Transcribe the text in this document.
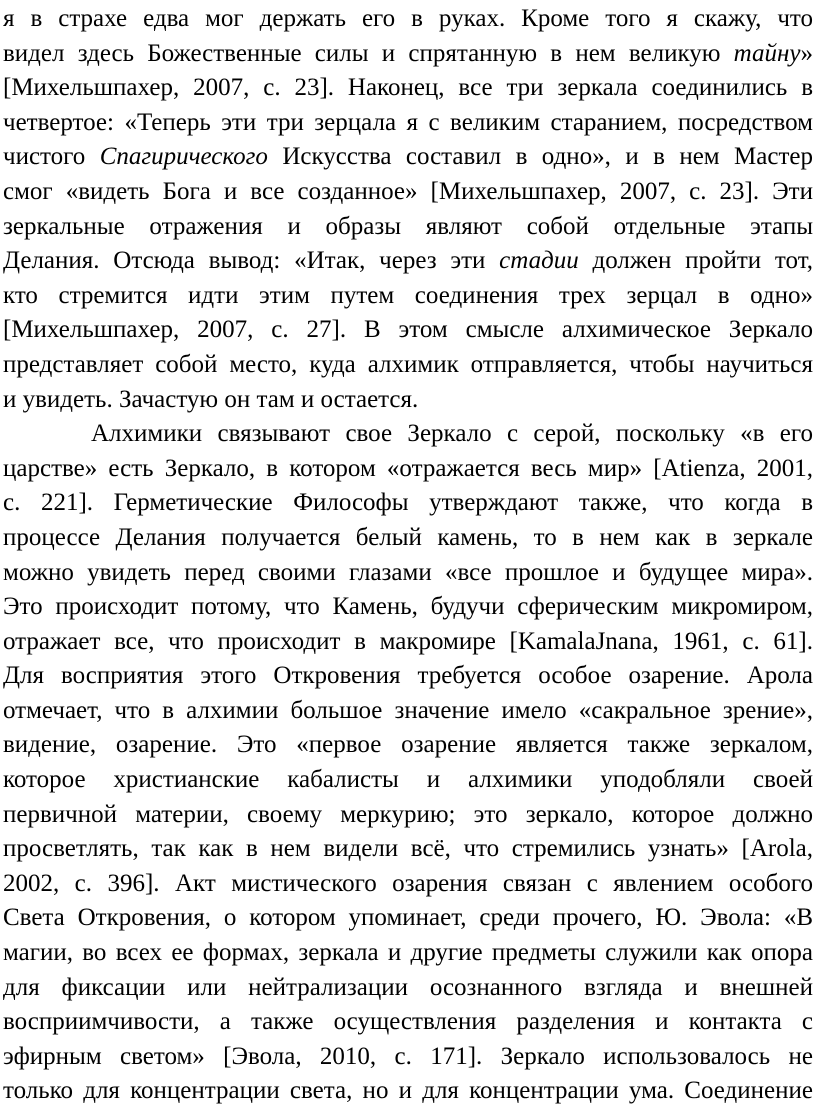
я в страхе едва мог держать его в руках. Кроме того я скажу, что
видел здесь Божественные силы и спрятанную в нем великую тайну»
[Михельшпахер, 2007, с. 23]. Наконец, все три зеркала соединились в
четвертое: «Теперь эти три зерцала я с великим старанием, посредством
чистого Спагирического Искусства составил в одно», и в нем Мастер
смог «видеть Бога и все созданное» [Михельшпахер, 2007, с. 23]. Эти
зеркальные отражения и образы являют собой отдельные этапы
Делания. Отсюда вывод: «Итак, через эти стадии должен пройти тот,
кто стремится идти этим путем соединения трех зерцал в одно»
[Михельшпахер, 2007, с. 27]. В этом смысле алхимическое Зеркало
представляет собой место, куда алхимик отправляется, чтобы научиться
и увидеть. Зачастую он там и остается.
Алхимики связывают свое Зеркало с серой, поскольку «в его
царстве» есть Зеркало, в котором «отражается весь мир» [Atienza, 2001,
с. 221]. Герметические Философы утверждают также, что когда в
процессе Делания получается белый камень, то в нем как в зеркале
можно увидеть перед своими глазами «все прошлое и будущее мира».
Это происходит потому, что Камень, будучи сферическим микромиром,
отражает все, что происходит в макромире [KamalaJnana, 1961, с. 61].
Для восприятия этого Откровения требуется особое озарение. Арола
отмечает, что в алхимии большое значение имело «сакральное зрение»,
видение, озарение. Это «первое озарение является также зеркалом,
которое христианские кабалисты и алхимики уподобляли своей
первичной материи, своему меркурию; это зеркало, которое должно
просветлять, так как в нем видели всё, что стремились узнать» [Arola,
2002, с. 396]. Акт мистического озарения связан с явлением особого
Света Откровения, о котором упоминает, среди прочего, Ю. Эвола: «В
магии, во всех ее формах, зеркала и другие предметы служили как опора
для фиксации или нейтрализации осознанного взгляда и внешней
восприимчивости, а также осуществления разделения и контакта с
эфирным светом» [Эвола, 2010, с. 171]. Зеркало использовалось не
только для концентрации света, но и для концентрации ума. Соединение
